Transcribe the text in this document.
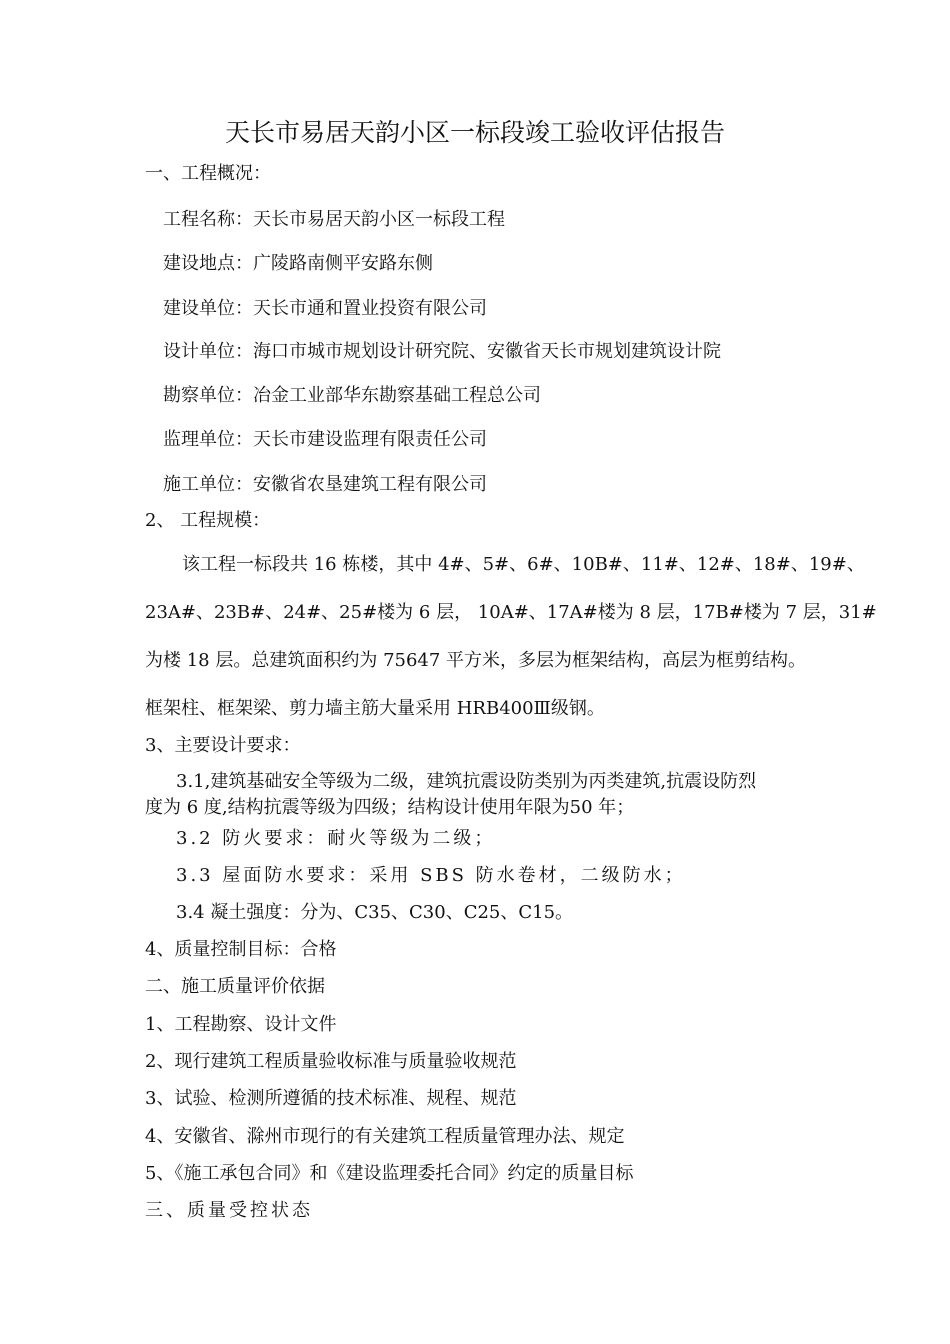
天长市易居天韵小区一标段竣工验收评估报告
一、工程概况：
工程名称：天长市易居天韵小区一标段工程
建设地点：广陵路南侧平安路东侧
建设单位：天长市通和置业投资有限公司
设计单位：海口市城市规划设计研究院、安徽省天长市规划建筑设计院
勘察单位：冶金工业部华东勘察基础工程总公司
监理单位：天长市建设监理有限责任公司
施工单位：安徽省农垦建筑工程有限公司
2、 工程规模：
该工程一标段共 16 栋楼，其中 4#、5#、6#、10B#、11#、12#、18#、19#、
23A#、23B#、24#、25#楼为 6 层， 10A#、17A#楼为 8 层，17B#楼为 7 层，31#
为楼 18 层。总建筑面积约为 75647 平方米，多层为框架结构，高层为框剪结构。
框架柱、框架梁、剪力墙主筋大量采用 HRB400Ⅲ级钢。
3、主要设计要求：
3.1,建筑基础安全等级为二级，建筑抗震设防类别为丙类建筑,抗震设防烈
度为 6 度,结构抗震等级为四级；结构设计使用年限为50 年；
3.2 防火要求：耐火等级为二级；
3.3 屋面防水要求：采用 SBS 防水卷材，二级防水；
3.4 凝土强度：分为、C35、C30、C25、C15。
4、质量控制目标：合格
二、施工质量评价依据
1、工程勘察、设计文件
2、现行建筑工程质量验收标准与质量验收规范
3、试验、检测所遵循的技术标准、规程、规范
4、安徽省、滁州市现行的有关建筑工程质量管理办法、规定
5、《施工承包合同》和《建设监理委托合同》约定的质量目标
三、质量受控状态
